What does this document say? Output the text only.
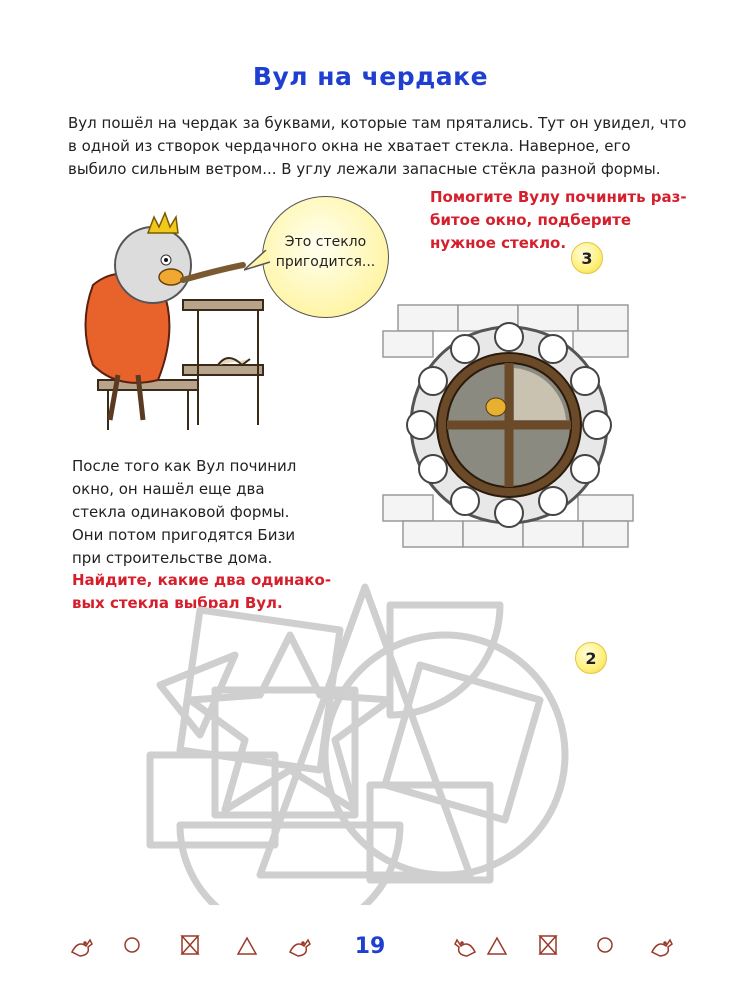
Вул на чердаке
Вул пошёл на чердак за буквами, которые там прятались. Тут он увидел, что в одной из створок чердачного окна не хватает стекла. Наверное, его выбило сильным ветром... В углу лежали запасные стёкла разной формы.
Помогите Вулу починить раз-битое окно, подберите нужное стекло.
Это стекло пригодится...	3
После того как Вул починил окно, он нашёл еще два стекла одинаковой формы. Они потом пригодятся Бизи при строительстве дома.
Найдите, какие два одинако-вых стекла выбрал Вул.
2
19
